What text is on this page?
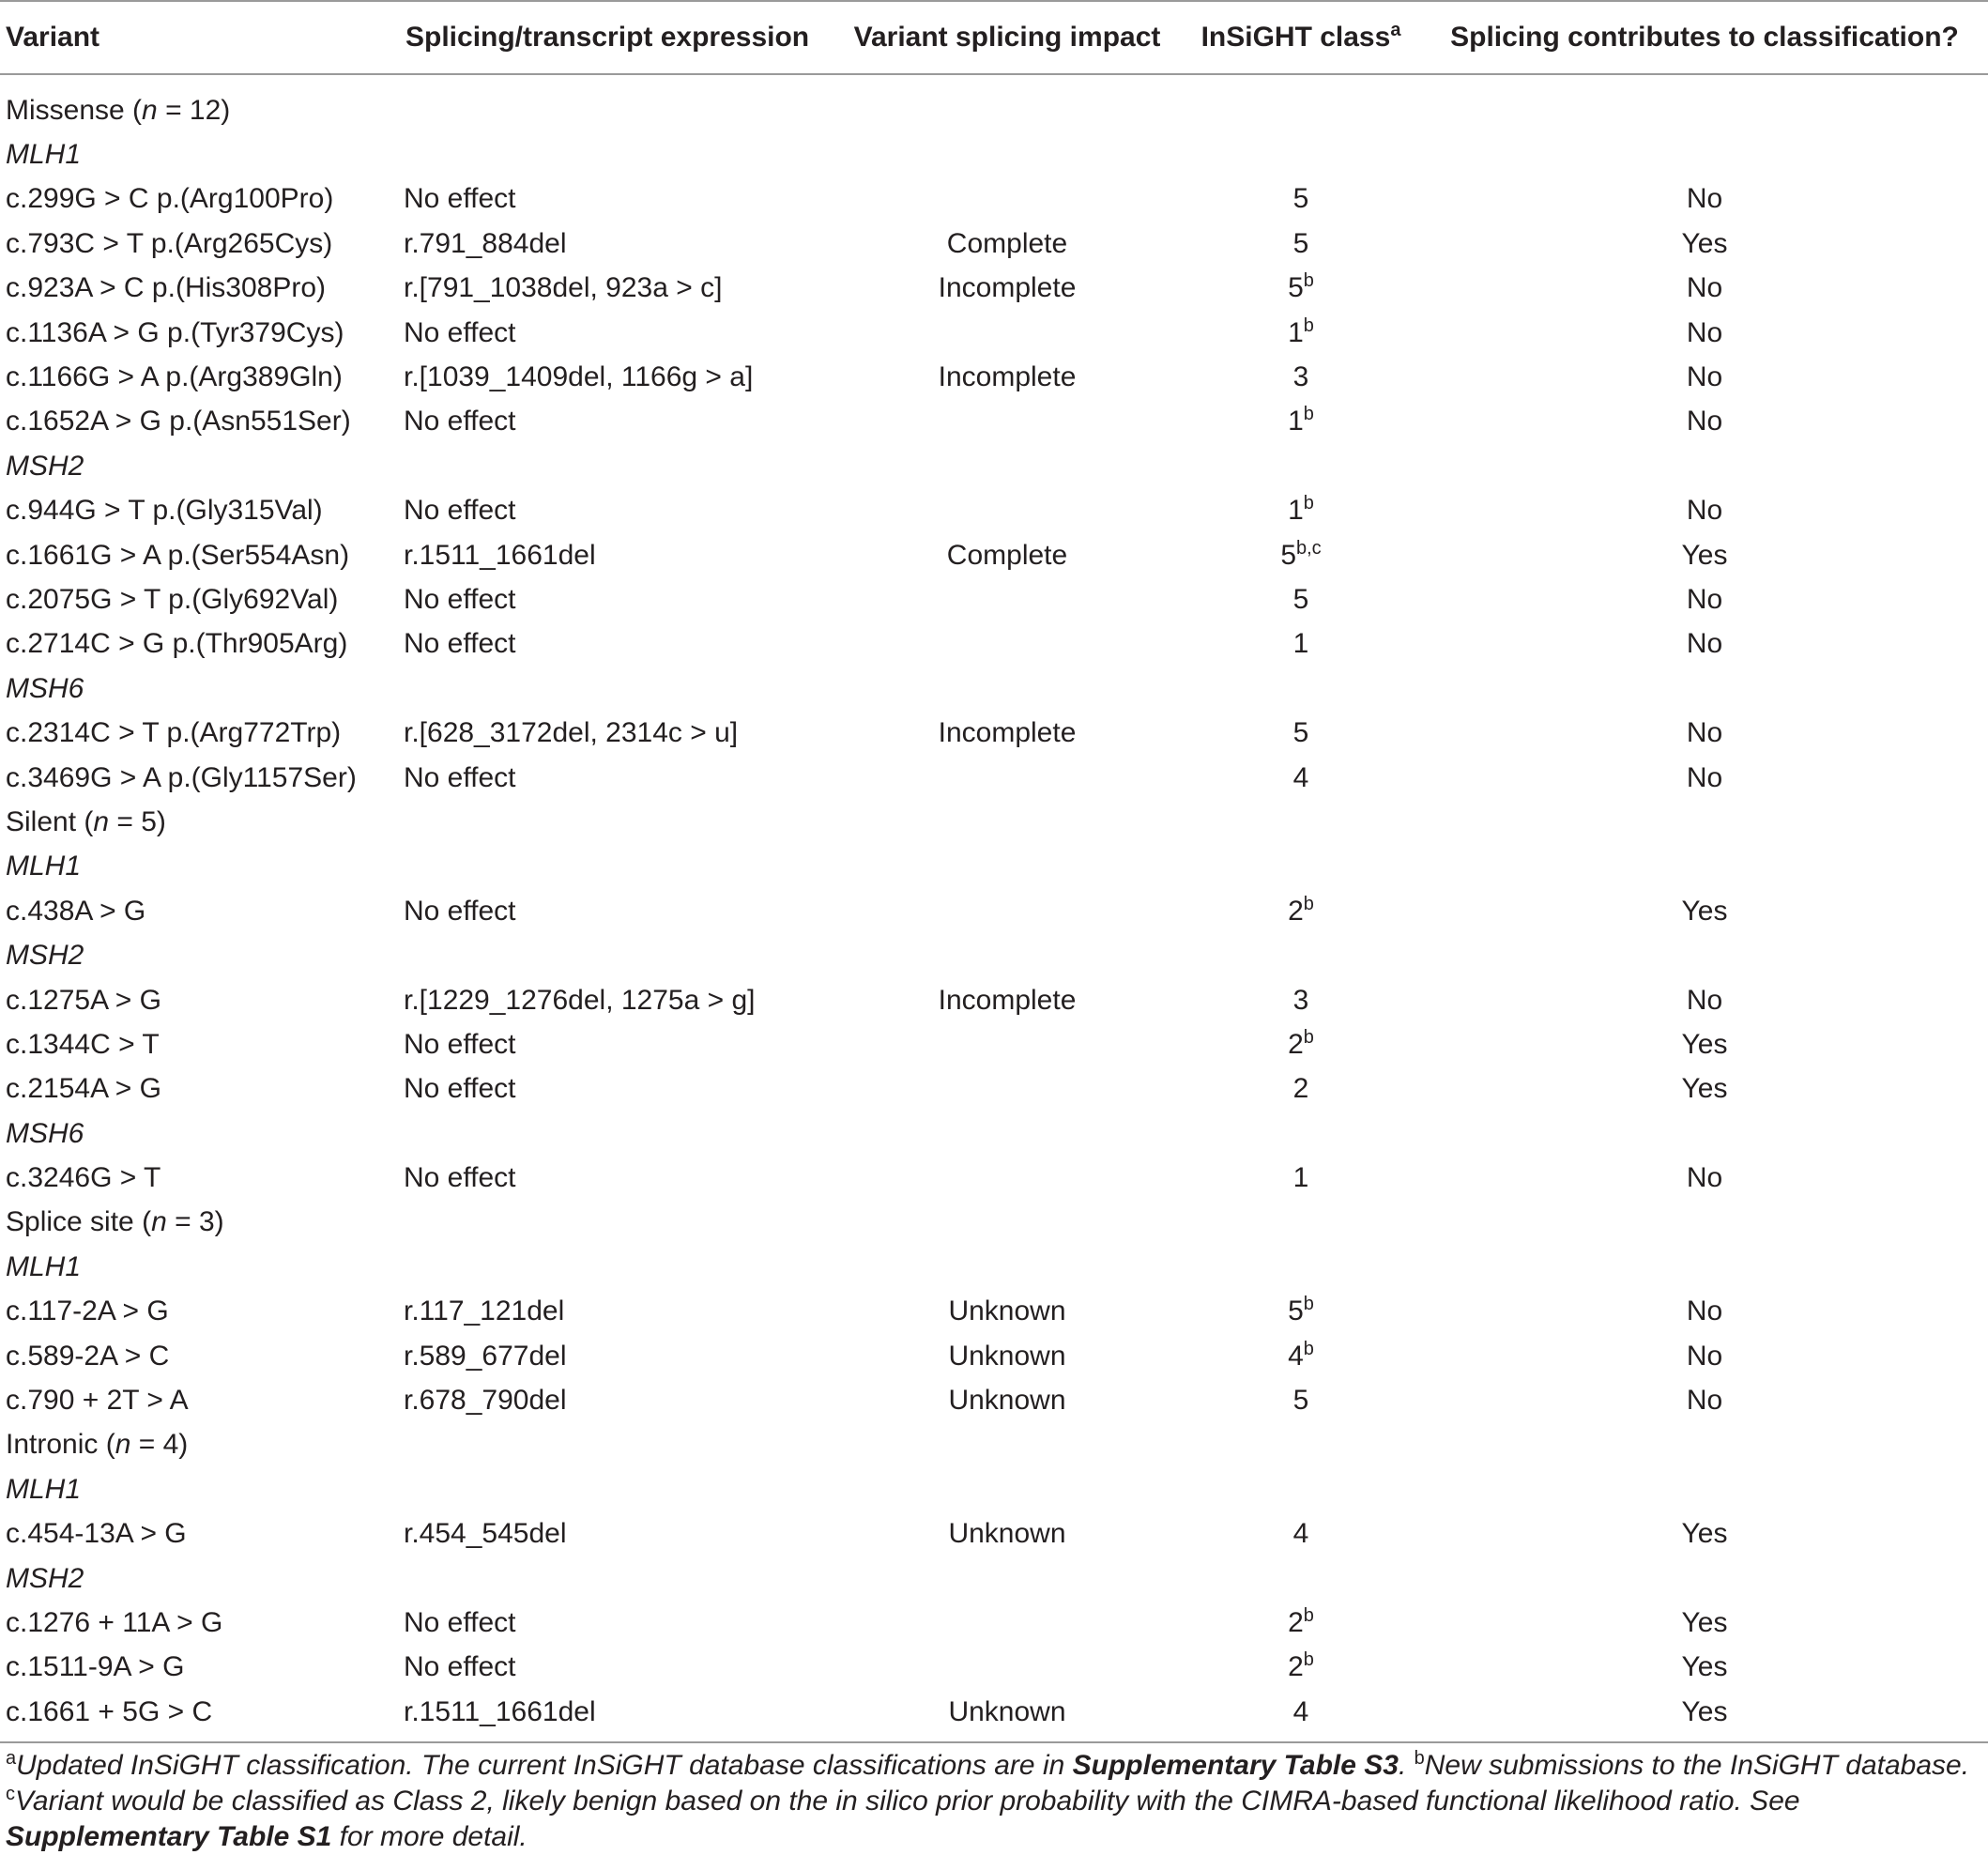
Variant	Splicing/transcript expression	Variant splicing impact	InSiGHT class$^a$	Splicing contributes to classification?
Missense (n = 12)				
MLH1				
c.299G > C p.(Arg100Pro)	No effect		5	No
c.793C > T p.(Arg265Cys)	r.791_884del	Complete	5	Yes
c.923A > C p.(His308Pro)	r.[791_1038del, 923a > c]	Incomplete	5$^b$	No
c.1136A > G p.(Tyr379Cys)	No effect		1$^b$	No
c.1166G > A p.(Arg389Gln)	r.[1039_1409del, 1166g > a]	Incomplete	3	No
c.1652A > G p.(Asn551Ser)	No effect		1$^b$	No
MSH2				
c.944G > T p.(Gly315Val)	No effect		1$^b$	No
c.1661G > A p.(Ser554Asn)	r.1511_1661del	Complete	5$^{b,c}$	Yes
c.2075G > T p.(Gly692Val)	No effect		5	No
c.2714C > G p.(Thr905Arg)	No effect		1	No
MSH6				
c.2314C > T p.(Arg772Trp)	r.[628_3172del, 2314c > u]	Incomplete	5	No
c.3469G > A p.(Gly1157Ser)	No effect		4	No
Silent (n = 5)				
MLH1				
c.438A > G	No effect		2$^b$	Yes
MSH2				
c.1275A > G	r.[1229_1276del, 1275a > g]	Incomplete	3	No
c.1344C > T	No effect		2$^b$	Yes
c.2154A > G	No effect		2	Yes
MSH6				
c.3246G > T	No effect		1	No
Splice site (n = 3)				
MLH1				
c.117-2A > G	r.117_121del	Unknown	5$^b$	No
c.589-2A > C	r.589_677del	Unknown	4$^b$	No
c.790 + 2T > A	r.678_790del	Unknown	5	No
Intronic (n = 4)				
MLH1				
c.454-13A > G	r.454_545del	Unknown	4	Yes
MSH2				
c.1276 + 11A > G	No effect		2$^b$	Yes
c.1511-9A > G	No effect		2$^b$	Yes
c.1661 + 5G > C	r.1511_1661del	Unknown	4	Yes
$^a$Updated InSiGHT classification. The current InSiGHT database classifications are in Supplementary Table S3. $^b$New submissions to the InSiGHT database. $^c$Variant would be classified as Class 2, likely benign based on the in silico prior probability with the CIMRA-based functional likelihood ratio. See Supplementary Table S1 for more detail.
